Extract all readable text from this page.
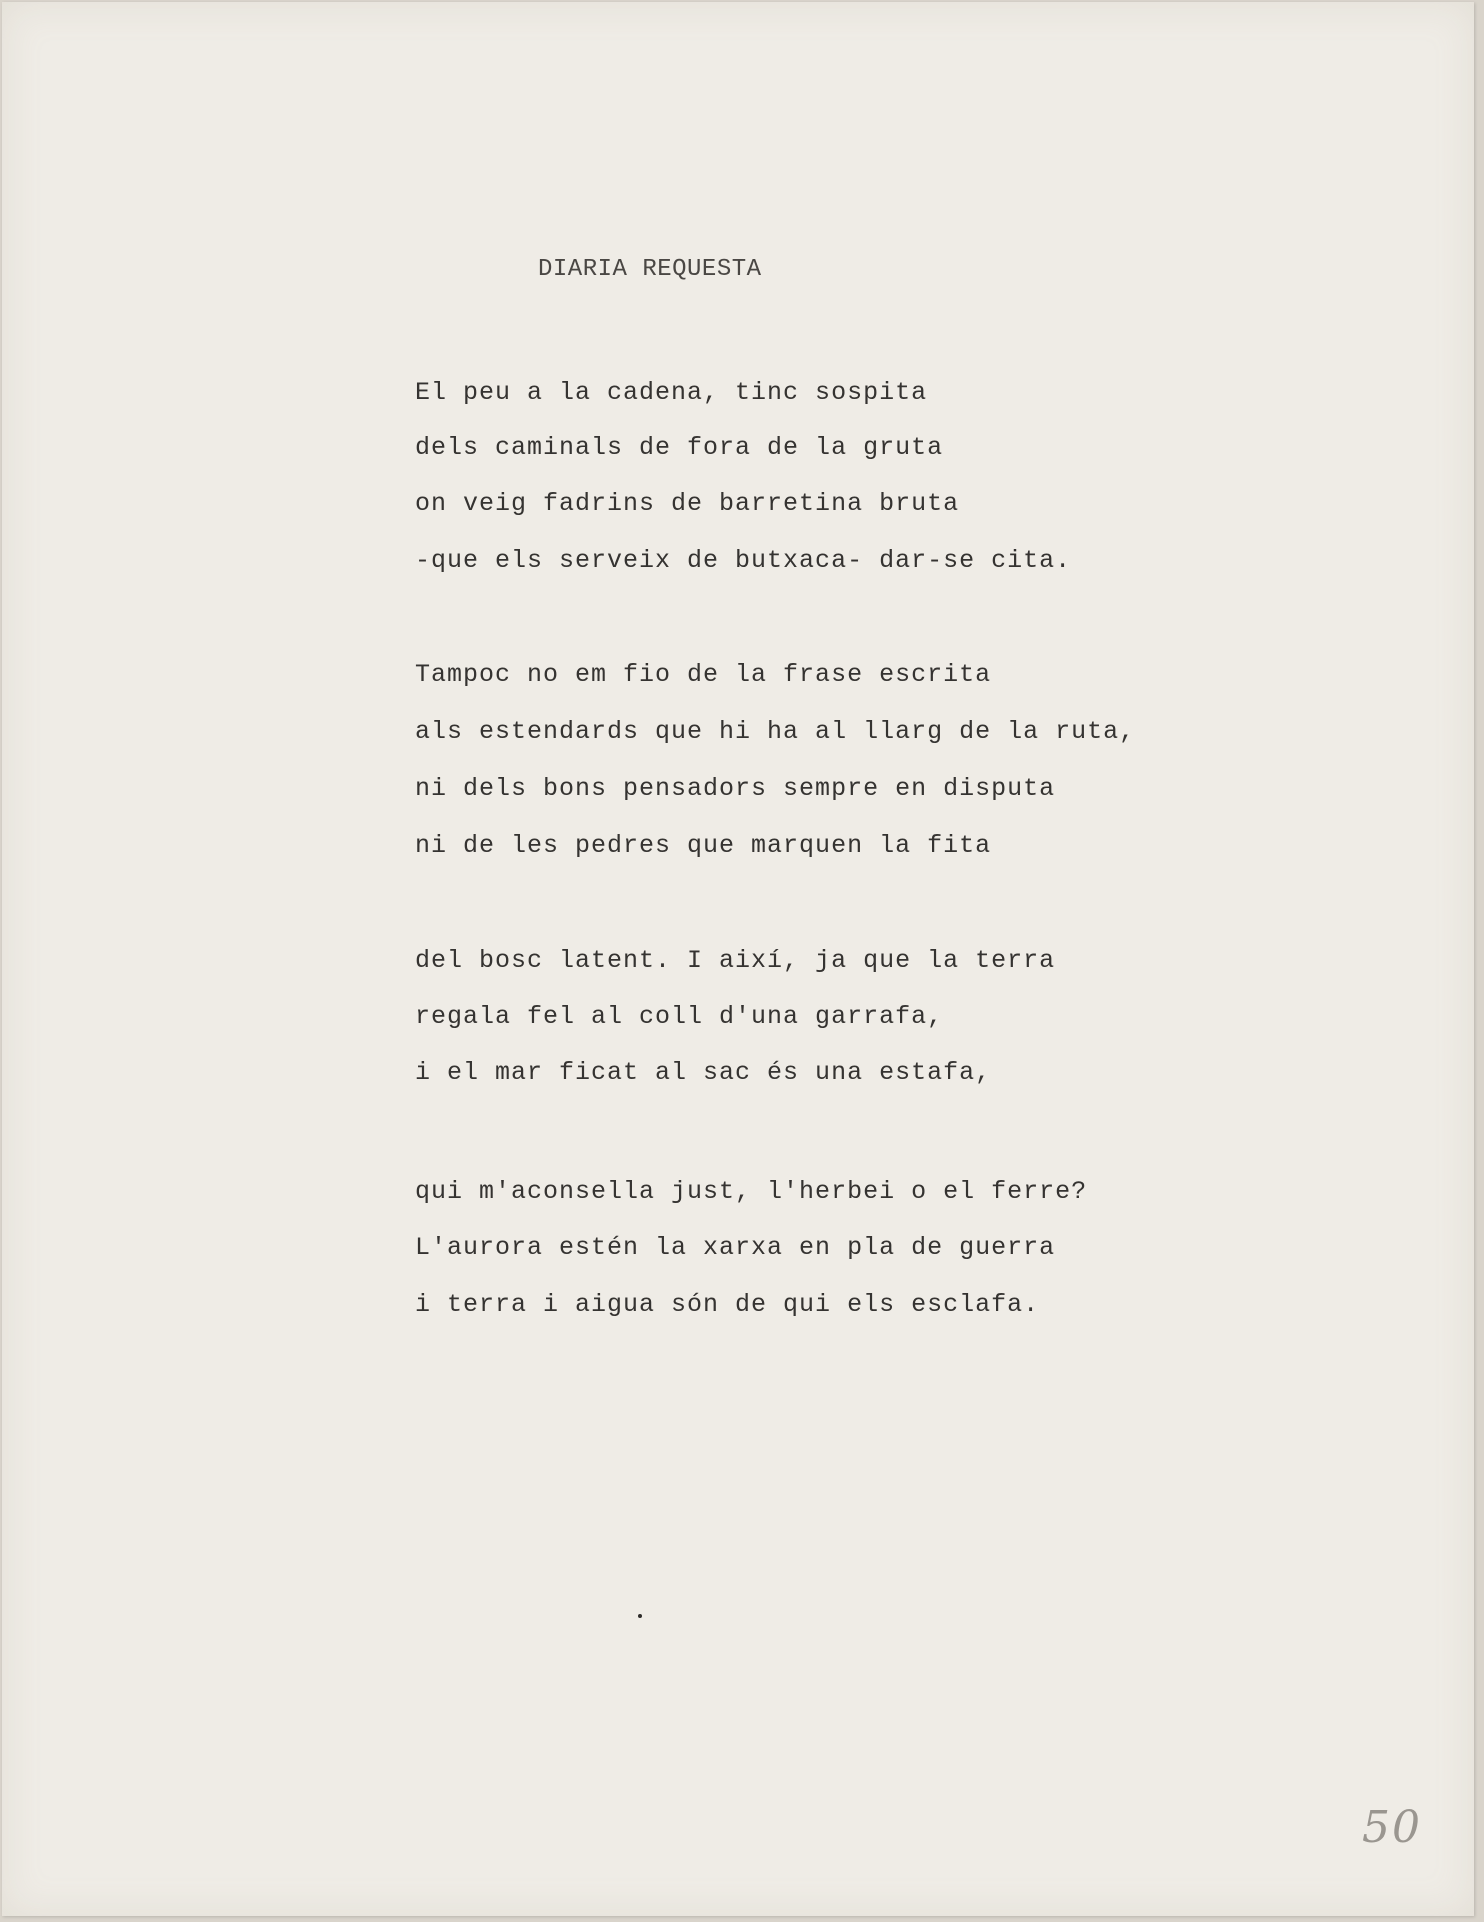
DIARIA REQUESTA
El peu a la cadena, tinc sospita
dels caminals de fora de la gruta
on veig fadrins de barretina bruta
-que els serveix de butxaca- dar-se cita.
Tampoc no em fio de la frase escrita
als estendards que hi ha al llarg de la ruta,
ni dels bons pensadors sempre en disputa
ni de les pedres que marquen la fita
del bosc latent. I així, ja que la terra
regala fel al coll d'una garrafa,
i el mar ficat al sac és una estafa,
qui m'aconsella just, l'herbei o el ferre?
L'aurora estén la xarxa en pla de guerra
i terra i aigua són de qui els esclafa.
50
